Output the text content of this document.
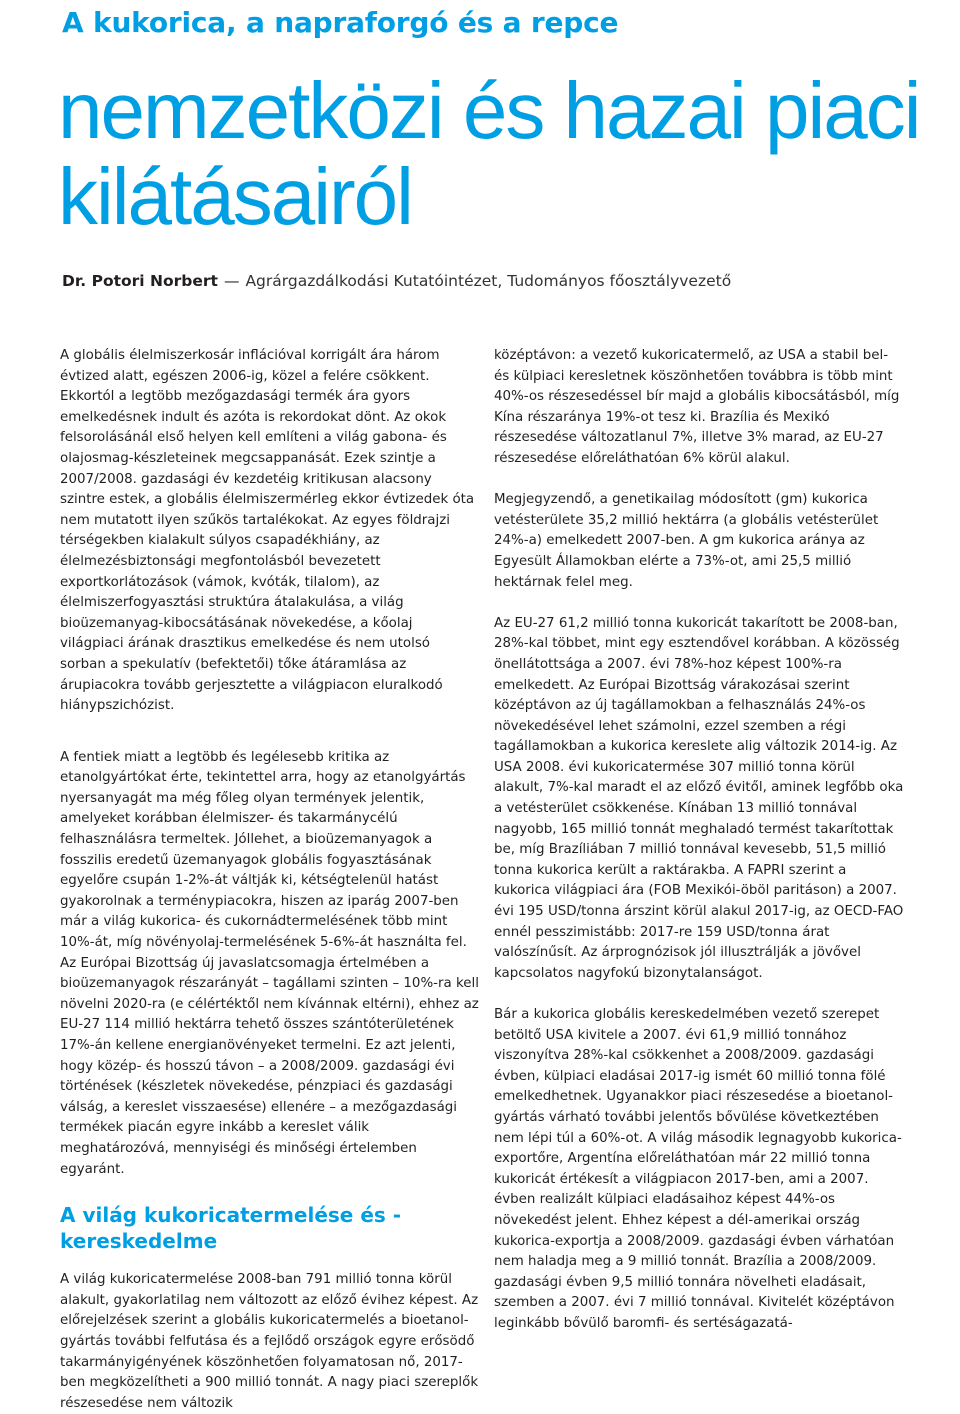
A kukorica, a napraforgó és a repce
nemzetközi és hazai piaci kilátásairól
Dr. Potori Norbert — Agrárgazdálkodási Kutatóintézet, Tudományos főosztályvezető

A globális élelmiszerkosár inflációval korrigált ára három évtized alatt, egészen 2006-ig, közel a felére csökkent. Ekkortól a legtöbb mezőgazdasági termék ára gyors emelkedésnek indult és azóta is rekordokat dönt. Az okok felsorolásánál első helyen kell említeni a világ gabona- és olajosmag-készleteinek megcsappanását. Ezek szintje a 2007/2008. gazdasági év kezdetéig kritikusan alacsony szintre estek, a globális élelmiszermérleg ekkor évtizedek óta nem mutatott ilyen szűkös tartalékokat. Az egyes földrajzi térségekben kialakult súlyos csapadékhiány, az élelmezésbiztonsági megfontolásból bevezetett exportkorlátozások (vámok, kvóták, tilalom), az élelmiszerfogyasztási struktúra átalakulása, a világ bioüzemanyag-kibocsátásának növekedése, a kőolaj világpiaci árának drasztikus emelkedése és nem utolsó sorban a spekulatív (befektetői) tőke átáramlása az árupiacokra tovább gerjesztette a világpiacon eluralkodó hiánypszichózist.

A fentiek miatt a legtöbb és legélesebb kritika az etanolgyártókat érte, tekintettel arra, hogy az etanolgyártás nyersanyagát ma még főleg olyan termények jelentik, amelyeket korábban élelmiszer- és takarmánycélú felhasználásra termeltek. Jóllehet, a bioüzemanyagok a fosszilis eredetű üzemanyagok globális fogyasztásának egyelőre csupán 1-2%-át váltják ki, kétségtelenül hatást gyakorolnak a terménypiacokra, hiszen az iparág 2007-ben már a világ kukorica- és cukornádtermelésének több mint 10%-át, míg növényolaj-termelésének 5-6%-át használta fel. Az Európai Bizottság új javaslatcsomagja értelmében a bioüzemanyagok részarányát – tagállami szinten – 10%-ra kell növelni 2020-ra (e célértéktől nem kívánnak eltérni), ehhez az EU-27 114 millió hektárra tehető összes szántóterületének 17%-án kellene energianövényeket termelni. Ez azt jelenti, hogy közép- és hosszú távon – a 2008/2009. gazdasági évi történések (készletek növekedése, pénzpiaci és gazdasági válság, a kereslet visszaesése) ellenére – a mezőgazdasági termékek piacán egyre inkább a kereslet válik meghatározóvá, mennyiségi és minőségi értelemben egyaránt.

A világ kukoricatermelése és -kereskedelme

A világ kukoricatermelése 2008-ban 791 millió tonna körül alakult, gyakorlatilag nem változott az előző évihez képest. Az előrejelzések szerint a globális kukoricatermelés a bioetanol-gyártás további felfutása és a fejlődő országok egyre erősödő takarmányigényének köszönhetően folyamatosan nő, 2017-ben megközelítheti a 900 millió tonnát. A nagy piaci szereplők részesedése nem változik

középtávon: a vezető kukoricatermelő, az USA a stabil bel- és külpiaci keresletnek köszönhetően továbbra is több mint 40%-os részesedéssel bír majd a globális kibocsátásból, míg Kína részaránya 19%-ot tesz ki. Brazília és Mexikó részesedése változatlanul 7%, illetve 3% marad, az EU-27 részesedése előreláthatóan 6% körül alakul.

Megjegyzendő, a genetikailag módosított (gm) kukorica vetésterülete 35,2 millió hektárra (a globális vetésterület 24%-a) emelkedett 2007-ben. A gm kukorica aránya az Egyesült Államokban elérte a 73%-ot, ami 25,5 millió hektárnak felel meg.

Az EU-27 61,2 millió tonna kukoricát takarított be 2008-ban, 28%-kal többet, mint egy esztendővel korábban. A közösség önellátottsága a 2007. évi 78%-hoz képest 100%-ra emelkedett. Az Európai Bizottság várakozásai szerint középtávon az új tagállamokban a felhasználás 24%-os növekedésével lehet számolni, ezzel szemben a régi tagállamokban a kukorica kereslete alig változik 2014-ig. Az USA 2008. évi kukoricatermése 307 millió tonna körül alakult, 7%-kal maradt el az előző évitől, aminek legfőbb oka a vetésterület csökkenése. Kínában 13 millió tonnával nagyobb, 165 millió tonnát meghaladó termést takarítottak be, míg Brazíliában 7 millió tonnával kevesebb, 51,5 millió tonna kukorica került a raktárakba. A FAPRI szerint a kukorica világpiaci ára (FOB Mexikói-öböl paritáson) a 2007. évi 195 USD/tonna árszint körül alakul 2017-ig, az OECD-FAO ennél pesszimistább: 2017-re 159 USD/tonna árat valószínűsít. Az árprognózisok jól illusztrálják a jövővel kapcsolatos nagyfokú bizonytalanságot.

Bár a kukorica globális kereskedelmében vezető szerepet betöltő USA kivitele a 2007. évi 61,9 millió tonnához viszonyítva 28%-kal csökkenhet a 2008/2009. gazdasági évben, külpiaci eladásai 2017-ig ismét 60 millió tonna fölé emelkedhetnek. Ugyanakkor piaci részesedése a bioetanol-gyártás várható további jelentős bővülése következtében nem lépi túl a 60%-ot. A világ második legnagyobb kukorica-exportőre, Argentína előreláthatóan már 22 millió tonna kukoricát értékesít a világpiacon 2017-ben, ami a 2007. évben realizált külpiaci eladásaihoz képest 44%-os növekedést jelent. Ehhez képest a dél-amerikai ország kukorica-exportja a 2008/2009. gazdasági évben várhatóan nem haladja meg a 9 millió tonnát. Brazília a 2008/2009. gazdasági évben 9,5 millió tonnára növelheti eladásait, szemben a 2007. évi 7 millió tonnával. Kivitelét középtávon leginkább bővülő baromfi- és sertéságazatá-
